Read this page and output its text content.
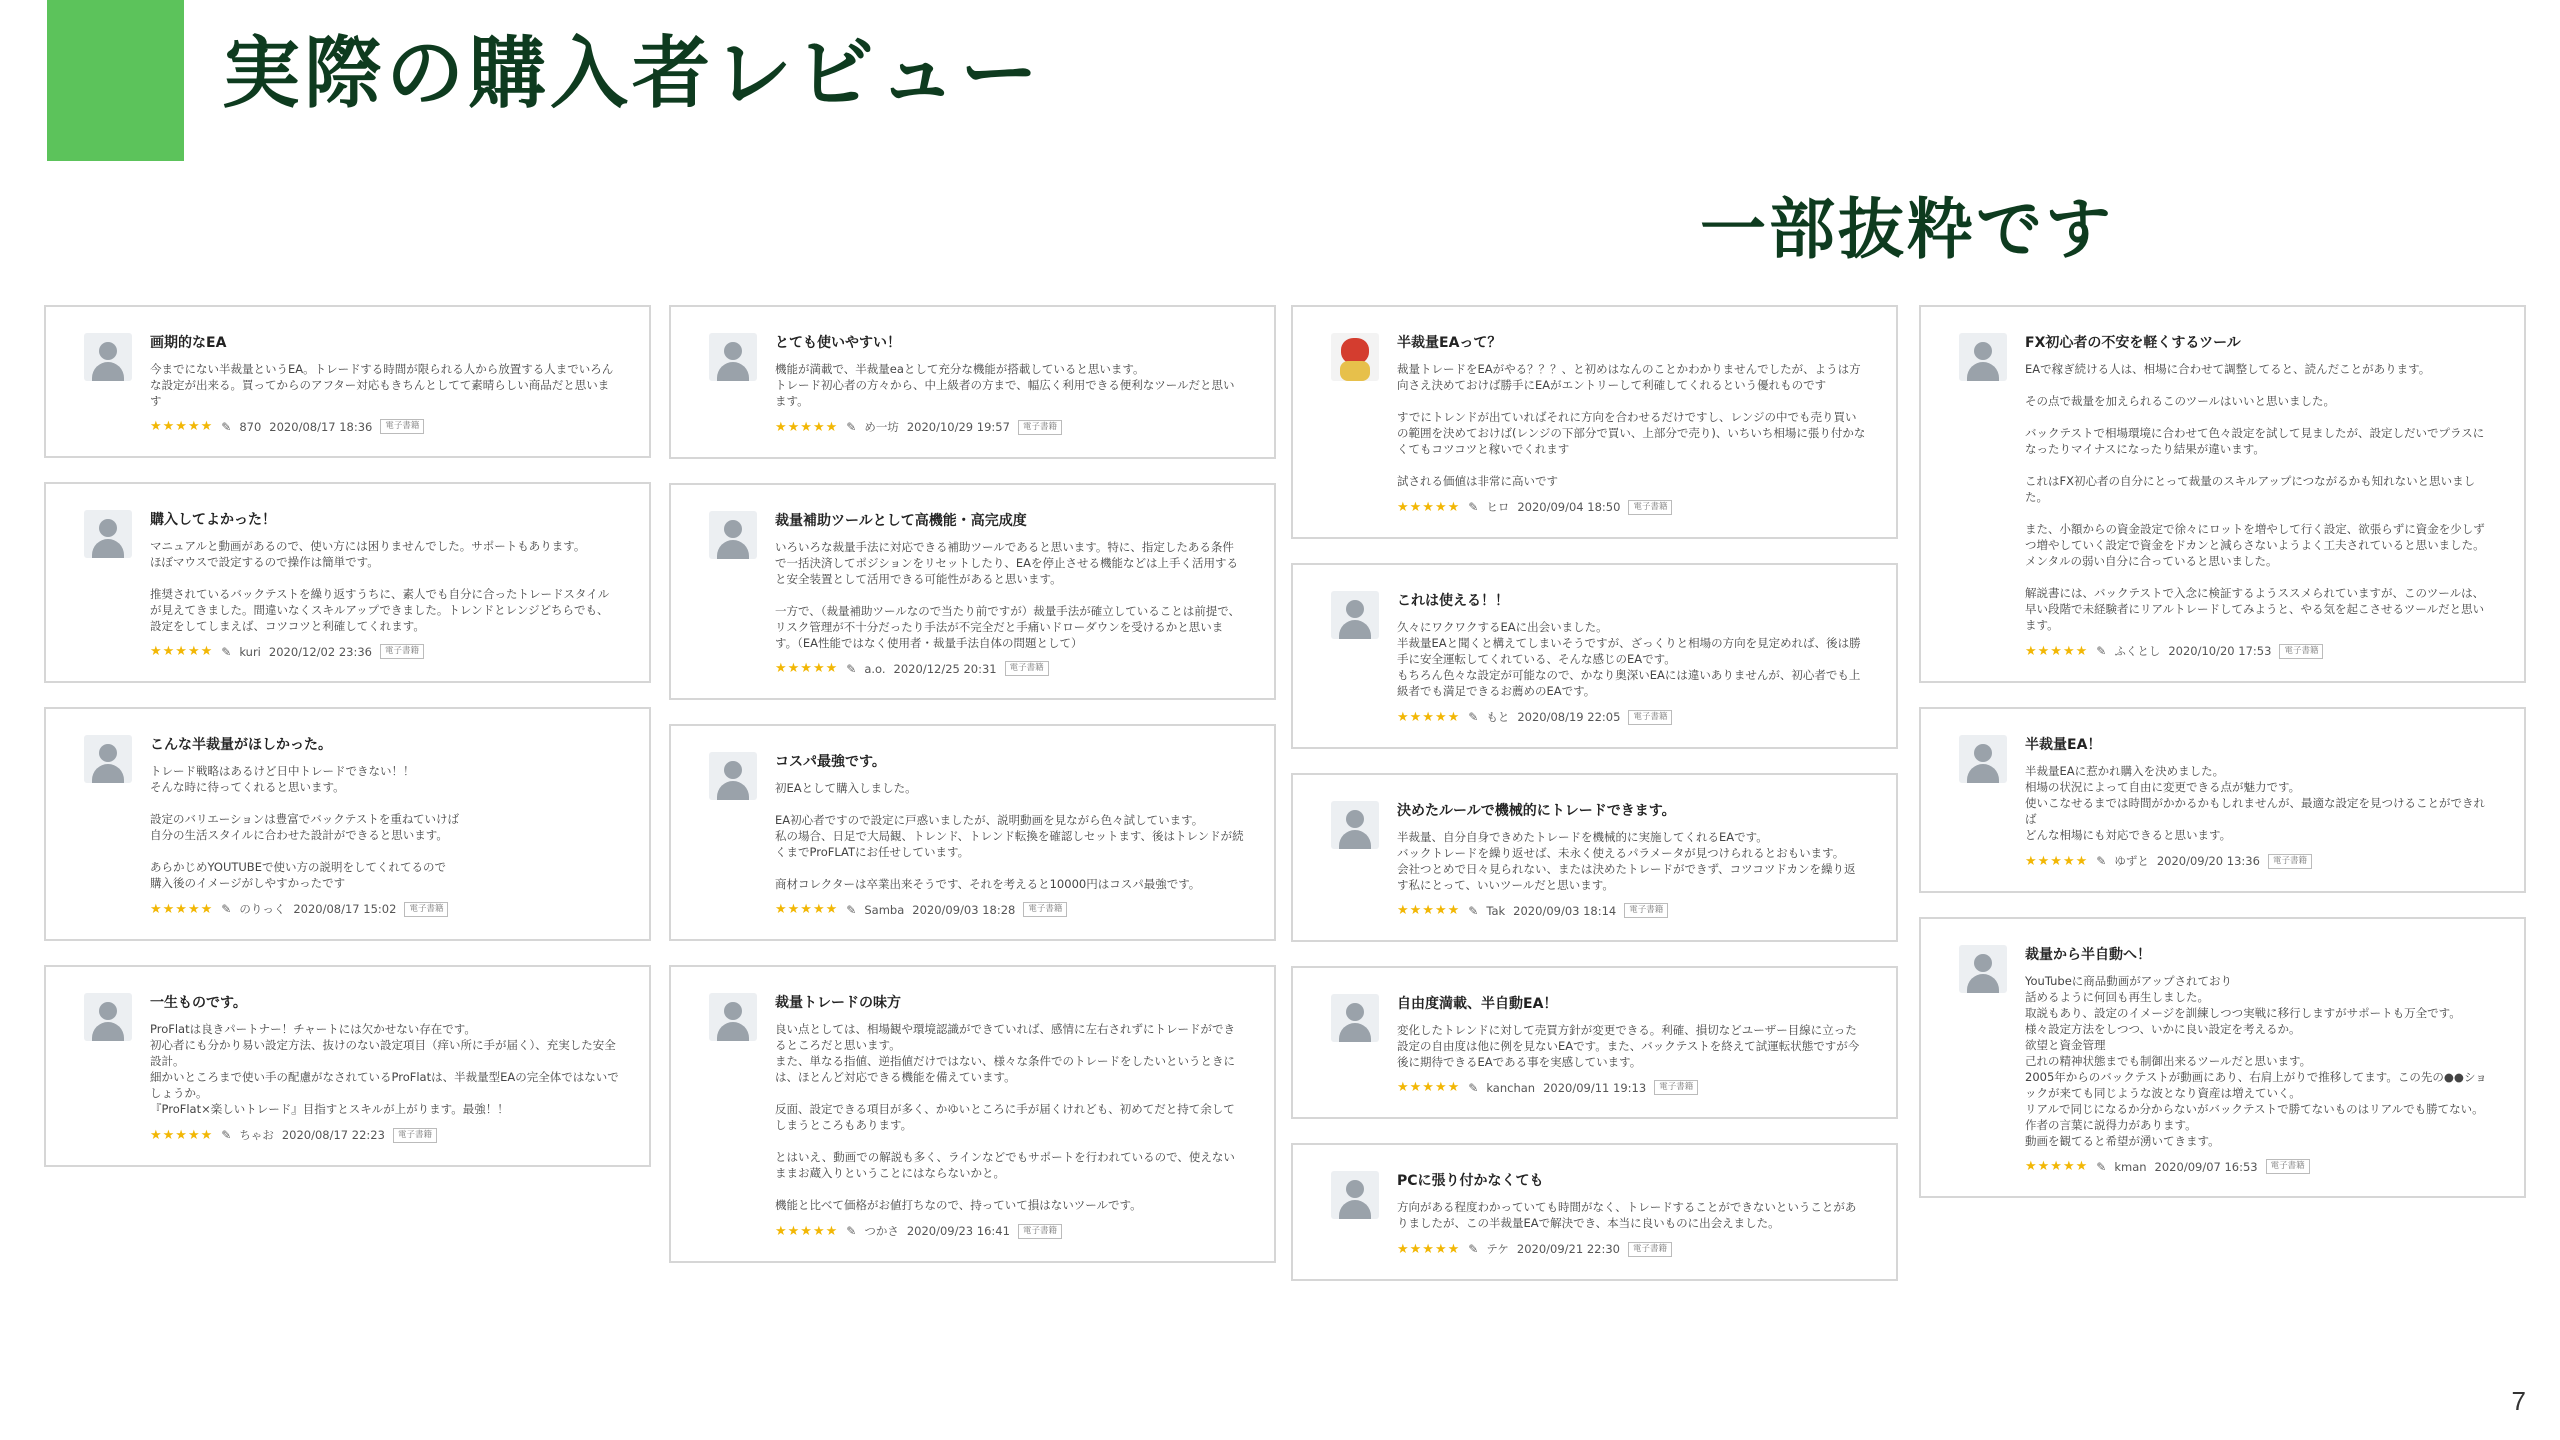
実際の購入者レビュー
一部抜粋です
画期的なEA
今までにない半裁量というEA。トレードする時間が限られる人から放置する人までいろんな設定が出来る。買ってからのアフター対応もきちんとしてて素晴らしい商品だと思います
★★★★★ ✎ 870 2020/08/17 18:36	電子書籍
購入してよかった！
マニュアルと動画があるので、使い方には困りませんでした。サポートもあります。
ほぼマウスで設定するので操作は簡単です。

推奨されているバックテストを繰り返すうちに、素人でも自分に合ったトレードスタイルが見えてきました。間違いなくスキルアップできました。トレンドとレンジどちらでも、設定をしてしまえば、コツコツと利確してくれます。
★★★★★ ✎ kuri 2020/12/02 23:36	電子書籍
こんな半裁量がほしかった。
トレード戦略はあるけど日中トレードできない！！
そんな時に待ってくれると思います。

設定のバリエーションは豊富でバックテストを重ねていけば
自分の生活スタイルに合わせた設計ができると思います。

あらかじめYOUTUBEで使い方の説明をしてくれてるので
購入後のイメージがしやすかったです
★★★★★ ✎ のりっく 2020/08/17 15:02	電子書籍
一生ものです。
ProFlatは良きパートナー！チャートには欠かせない存在です。
初心者にも分かり易い設定方法、抜けのない設定項目（痒い所に手が届く）、充実した安全設計。
細かいところまで使い手の配慮がなされているProFlatは、半裁量型EAの完全体ではないでしょうか。
『ProFlat×楽しいトレード』目指すとスキルが上がります。最強！！
★★★★★ ✎ ちゃお 2020/08/17 22:23	電子書籍
とても使いやすい！
機能が満載で、半裁量eaとして充分な機能が搭載していると思います。
トレード初心者の方々から、中上級者の方まで、幅広く利用できる便利なツールだと思います。
★★★★★ ✎ め一坊 2020/10/29 19:57	電子書籍
裁量補助ツールとして高機能・高完成度
いろいろな裁量手法に対応できる補助ツールであると思います。特に、指定したある条件で一括決済してポジションをリセットしたり、EAを停止させる機能などは上手く活用すると安全装置として活用できる可能性があると思います。

一方で、（裁量補助ツールなので当たり前ですが）裁量手法が確立していることは前提で、リスク管理が不十分だったり手法が不完全だと手痛いドローダウンを受けるかと思います。（EA性能ではなく使用者・裁量手法自体の問題として）
★★★★★ ✎ a.o. 2020/12/25 20:31	電子書籍
コスパ最強です。
初EAとして購入しました。

EA初心者ですので設定に戸惑いましたが、説明動画を見ながら色々試しています。
私の場合、日足で大局観、トレンド、トレンド転換を確認しセットます、後はトレンドが続くまでProFLATにお任せしています。

商材コレクターは卒業出来そうです、それを考えると10000円はコスパ最強です。
★★★★★ ✎ Samba 2020/09/03 18:28	電子書籍
裁量トレードの味方
良い点としては、相場観や環境認識ができていれば、感情に左右されずにトレードができるところだと思います。
また、単なる指値、逆指値だけではない、様々な条件でのトレードをしたいというときには、ほとんど対応できる機能を備えています。

反面、設定できる項目が多く、かゆいところに手が届くけれども、初めてだと持て余してしまうところもあります。

とはいえ、動画での解説も多く、ラインなどでもサポートを行われているので、使えないままお蔵入りということにはならないかと。

機能と比べて価格がお値打ちなので、持っていて損はないツールです。
★★★★★ ✎ つかさ 2020/09/23 16:41	電子書籍
半裁量EAって？
裁量トレードをEAがやる？？？、と初めはなんのことかわかりませんでしたが、ようは方向さえ決めておけば勝手にEAがエントリーして利確してくれるという優れものです

すでにトレンドが出ていればそれに方向を合わせるだけですし、レンジの中でも売り買いの範囲を決めておけば(レンジの下部分で買い、上部分で売り)、いちいち相場に張り付かなくてもコツコツと稼いでくれます

試される価値は非常に高いです
★★★★★ ✎ ヒロ 2020/09/04 18:50	電子書籍
これは使える！！
久々にワクワクするEAに出会いました。
半裁量EAと聞くと構えてしまいそうですが、ざっくりと相場の方向を見定めれば、後は勝手に安全運転してくれている、そんな感じのEAです。
もちろん色々な設定が可能なので、かなり奥深いEAには違いありませんが、初心者でも上級者でも満足できるお薦めのEAです。
★★★★★ ✎ もと 2020/08/19 22:05	電子書籍
決めたルールで機械的にトレードできます。
半裁量、自分自身できめたトレードを機械的に実施してくれるEAです。
バックトレードを繰り返せば、未永く使えるパラメータが見つけられるとおもいます。
会社つとめで日々見られない、または決めたトレードができず、コツコツドカンを繰り返す私にとって、いいツールだと思います。
★★★★★ ✎ Tak 2020/09/03 18:14	電子書籍
自由度満載、半自動EA！
変化したトレンドに対して売買方針が変更できる。利確、損切などユーザー目線に立った設定の自由度は他に例を見ないEAです。また、バックテストを終えて試運転状態ですが今後に期待できるEAである事を実感しています。
★★★★★ ✎ kanchan 2020/09/11 19:13	電子書籍
PCに張り付かなくても
方向がある程度わかっていても時間がなく、トレードすることができないということがありましたが、この半裁量EAで解決でき、本当に良いものに出会えました。
★★★★★ ✎ テケ 2020/09/21 22:30	電子書籍
FX初心者の不安を軽くするツール
EAで稼ぎ続ける人は、相場に合わせて調整してると、読んだことがあります。

その点で裁量を加えられるこのツールはいいと思いました。

バックテストで相場環境に合わせて色々設定を試して見ましたが、設定しだいでプラスになったりマイナスになったり結果が違います。

これはFX初心者の自分にとって裁量のスキルアップにつながるかも知れないと思いました。

また、小額からの資金設定で徐々にロットを増やして行く設定、欲張らずに資金を少しずつ増やしていく設定で資金をドカンと減らさないようよく工夫されていると思いました。メンタルの弱い自分に合っていると思いました。

解説書には、バックテストで入念に検証するようススメられていますが、このツールは、早い段階で未経験者にリアルトレードしてみようと、やる気を起こさせるツールだと思います。
★★★★★ ✎ ふくとし 2020/10/20 17:53	電子書籍
半裁量EA！
半裁量EAに惹かれ購入を決めました。
相場の状況によって自由に変更できる点が魅力です。
使いこなせるまでは時間がかかるかもしれませんが、最適な設定を見つけることができれば
どんな相場にも対応できると思います。
★★★★★ ✎ ゆずと 2020/09/20 13:36	電子書籍
裁量から半自動へ！
YouTubeに商品動画がアップされており
話めるように何回も再生しました。
取説もあり、設定のイメージを訓練しつつ実戦に移行しますがサポートも万全です。
様々設定方法をしつつ、いかに良い設定を考えるか。
欲望と資金管理
己れの精神状態までも制御出来るツールだと思います。
2005年からのバックテストが動画にあり、右肩上がりで推移してます。この先の●●ショックが来ても同じような波となり資産は増えていく。
リアルで同じになるか分からないがバックテストで勝てないものはリアルでも勝てない。
作者の言葉に説得力があります。
動画を観てると希望が湧いてきます。
★★★★★ ✎ kman 2020/09/07 16:53	電子書籍
7
